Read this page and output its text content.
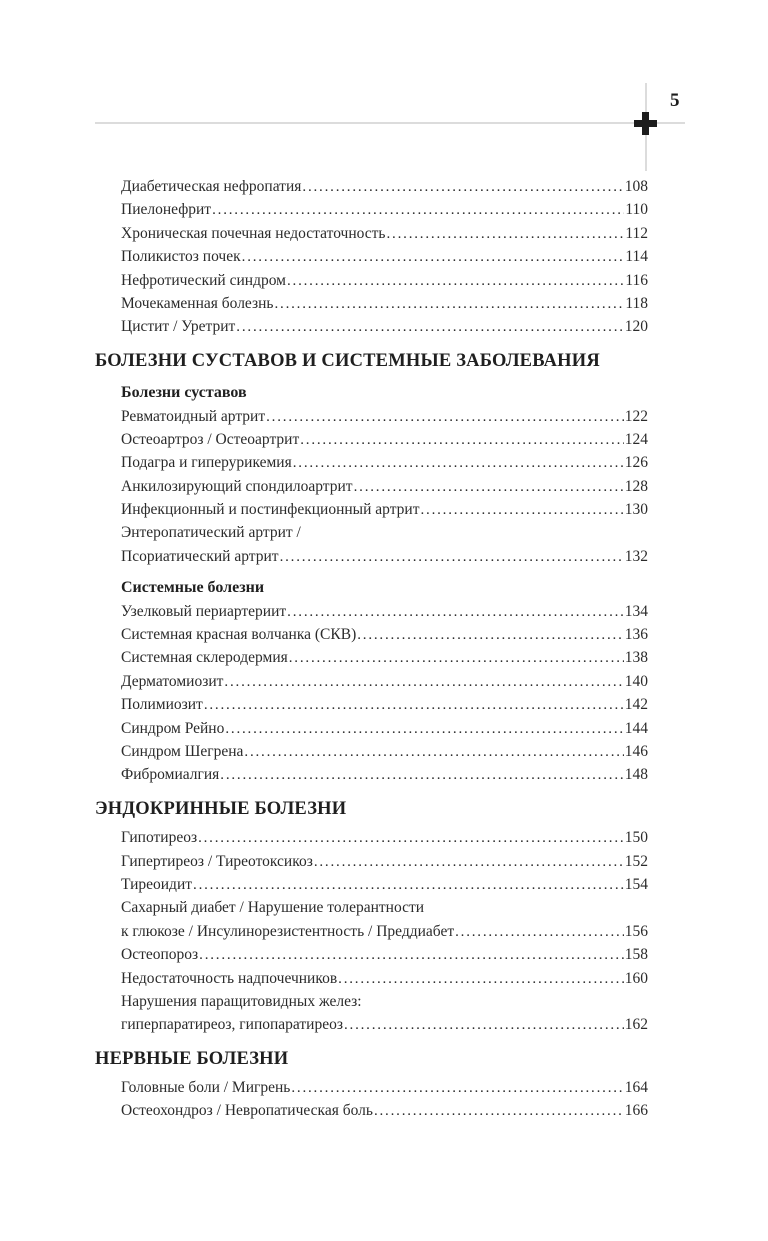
5
Диабетическая нефропатия .....	108
Пиелонефрит .....	110
Хроническая почечная недостаточность .....	112
Поликистоз почек .....	114
Нефротический синдром .....	116
Мочекаменная болезнь .....	118
Цистит / Уретрит .....	120
БОЛЕЗНИ СУСТАВОВ И СИСТЕМНЫЕ ЗАБОЛЕВАНИЯ
Болезни суставов
Ревматоидный артрит .....	122
Остеоартроз / Остеоартрит .....	124
Подагра и гиперурикемия .....	126
Анкилозирующий спондилоартрит .....	128
Инфекционный и постинфекционный артрит .....	130
Энтеропатический артрит /
Псориатический артрит .....	132
Системные болезни
Узелковый периартериит .....	134
Системная красная волчанка (СКВ) .....	136
Системная склеродермия .....	138
Дерматомиозит .....	140
Полимиозит .....	142
Синдром Рейно .....	144
Синдром Шегрена .....	146
Фибромиалгия .....	148
ЭНДОКРИННЫЕ БОЛЕЗНИ
Гипотиреоз .....	150
Гипертиреоз / Тиреотоксикоз .....	152
Тиреоидит .....	154
Сахарный диабет / Нарушение толерантности
к глюкозе / Инсулинорезистентность / Преддиабет .....	156
Остеопороз .....	158
Недостаточность надпочечников .....	160
Нарушения паращитовидных желез:
гиперпаратиреоз, гипопаратиреоз .....	162
НЕРВНЫЕ БОЛЕЗНИ
Головные боли / Мигрень .....	164
Остеохондроз / Невропатическая боль .....	166
